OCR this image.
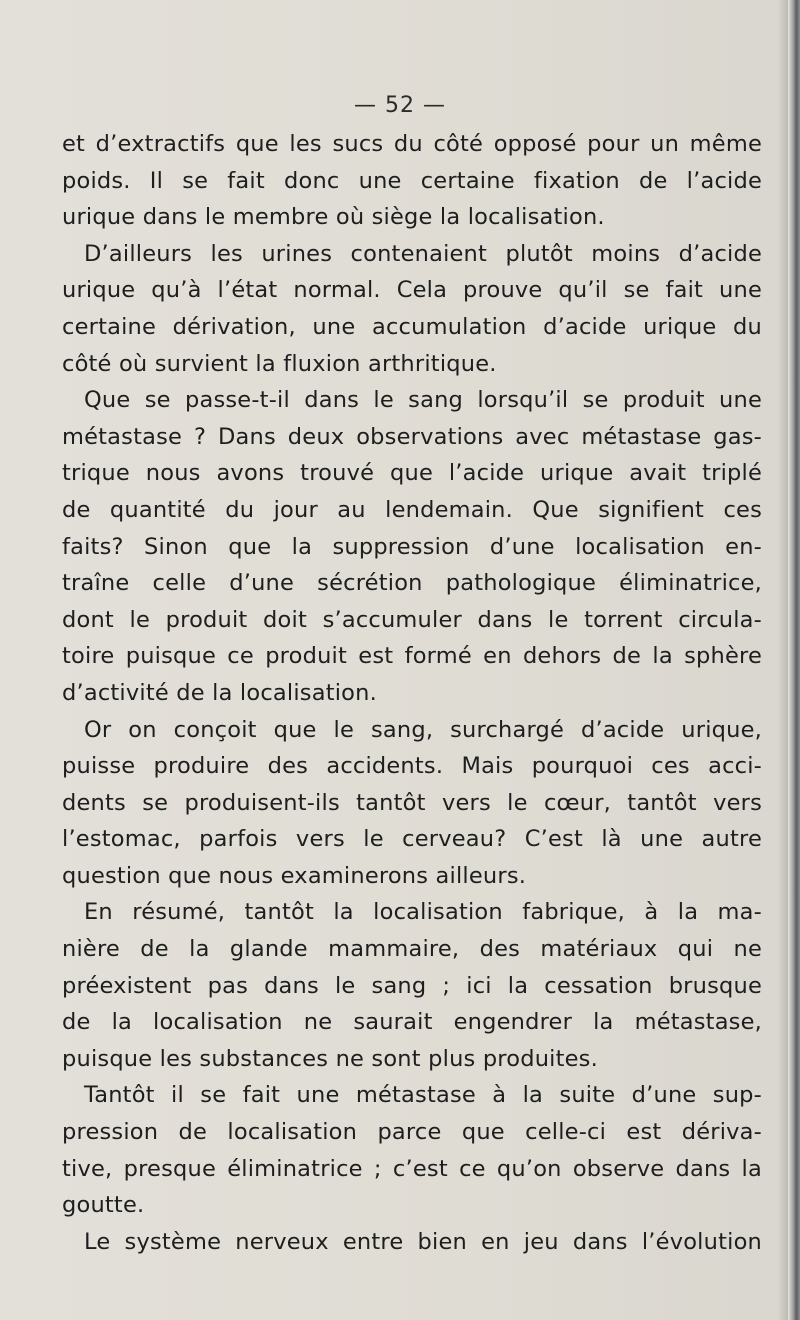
— 52 —
et d’extractifs que les sucs du côté opposé pour un même
poids. Il se fait donc une certaine fixation de l’acide
urique dans le membre où siège la localisation.
D’ailleurs les urines contenaient plutôt moins d’acide
urique qu’à l’état normal. Cela prouve qu’il se fait une
certaine dérivation, une accumulation d’acide urique du
côté où survient la fluxion arthritique.
Que se passe-t-il dans le sang lorsqu’il se produit une
métastase ? Dans deux observations avec métastase gas-
trique nous avons trouvé que l’acide urique avait triplé
de quantité du jour au lendemain. Que signifient ces
faits? Sinon que la suppression d’une localisation en-
traîne celle d’une sécrétion pathologique éliminatrice,
dont le produit doit s’accumuler dans le torrent circula-
toire puisque ce produit est formé en dehors de la sphère
d’activité de la localisation.
Or on conçoit que le sang, surchargé d’acide urique,
puisse produire des accidents. Mais pourquoi ces acci-
dents se produisent-ils tantôt vers le cœur, tantôt vers
l’estomac, parfois vers le cerveau? C’est là une autre
question que nous examinerons ailleurs.
En résumé, tantôt la localisation fabrique, à la ma-
nière de la glande mammaire, des matériaux qui ne
préexistent pas dans le sang ; ici la cessation brusque
de la localisation ne saurait engendrer la métastase,
puisque les substances ne sont plus produites.
Tantôt il se fait une métastase à la suite d’une sup-
pression de localisation parce que celle-ci est dériva-
tive, presque éliminatrice ; c’est ce qu’on observe dans la
goutte.
Le système nerveux entre bien en jeu dans l’évolution
